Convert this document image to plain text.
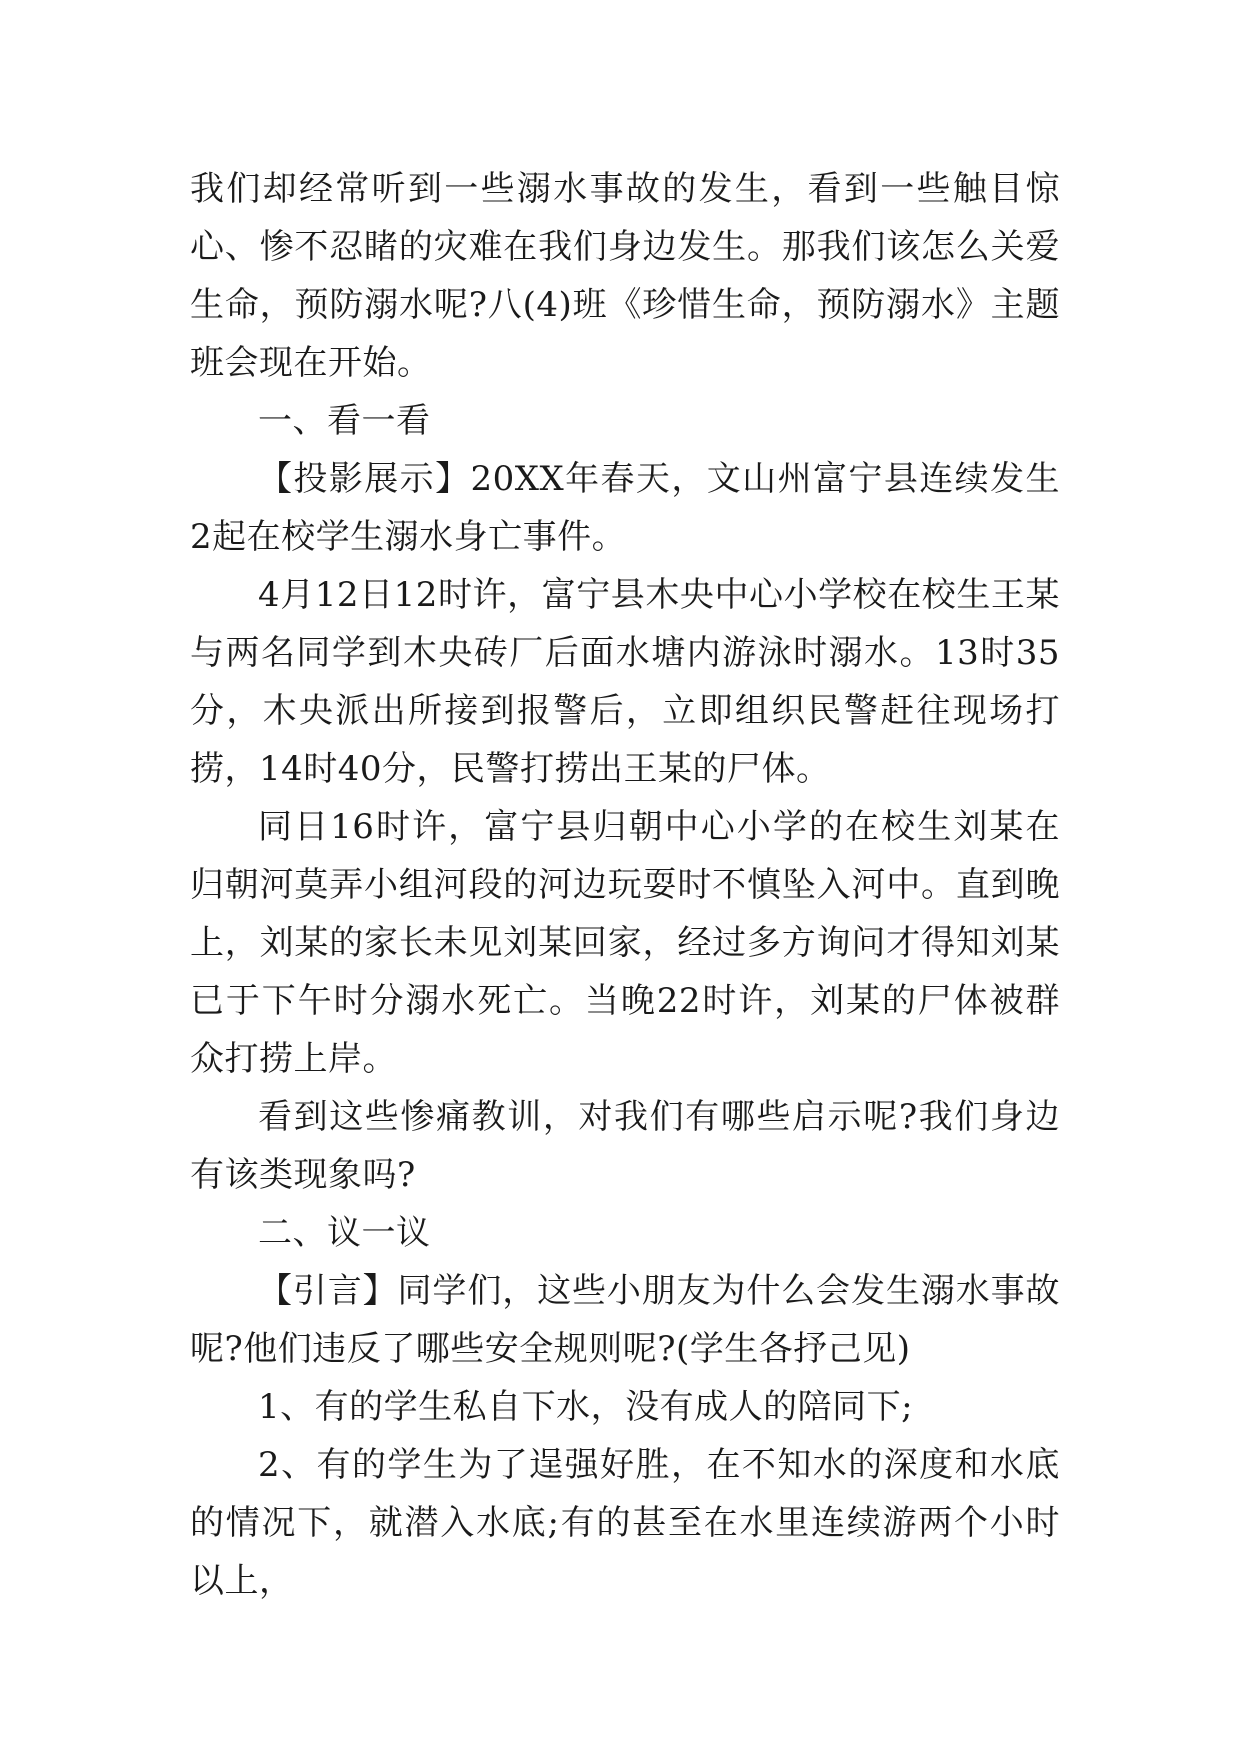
我们却经常听到一些溺水事故的发生，看到一些触目惊心、惨不忍睹的灾难在我们身边发生。那我们该怎么关爱生命，预防溺水呢?八(4)班《珍惜生命，预防溺水》主题班会现在开始。

一、看一看

【投影展示】20XX年春天，文山州富宁县连续发生2起在校学生溺水身亡事件。

4月12日12时许，富宁县木央中心小学校在校生王某与两名同学到木央砖厂后面水塘内游泳时溺水。13时35分，木央派出所接到报警后，立即组织民警赶往现场打捞，14时40分，民警打捞出王某的尸体。

同日16时许，富宁县归朝中心小学的在校生刘某在归朝河莫弄小组河段的河边玩耍时不慎坠入河中。直到晚上，刘某的家长未见刘某回家，经过多方询问才得知刘某已于下午时分溺水死亡。当晚22时许，刘某的尸体被群众打捞上岸。

看到这些惨痛教训，对我们有哪些启示呢?我们身边有该类现象吗?

二、议一议

【引言】同学们，这些小朋友为什么会发生溺水事故呢?他们违反了哪些安全规则呢?(学生各抒己见)

1、有的学生私自下水，没有成人的陪同下;

2、有的学生为了逞强好胜，在不知水的深度和水底的情况下，就潜入水底;有的甚至在水里连续游两个小时以上，
